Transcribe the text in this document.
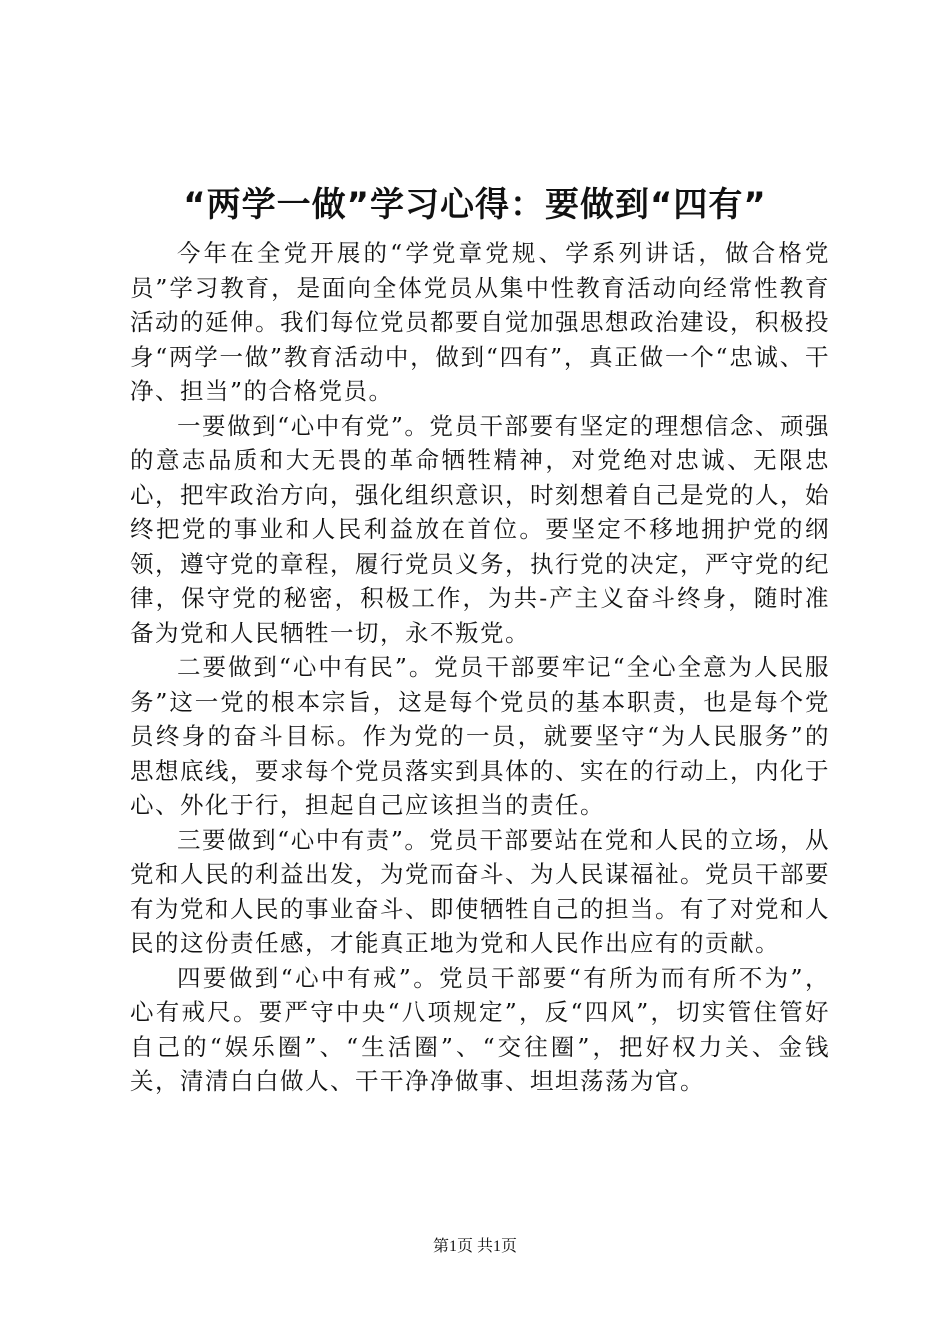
“两学一做”学习心得：要做到“四有”

今年在全党开展的“学党章党规、学系列讲话，做合格党员”学习教育，是面向全体党员从集中性教育活动向经常性教育活动的延伸。我们每位党员都要自觉加强思想政治建设，积极投身“两学一做”教育活动中，做到“四有”，真正做一个“忠诚、干净、担当”的合格党员。

一要做到“心中有党”。党员干部要有坚定的理想信念、顽强的意志品质和大无畏的革命牺牲精神，对党绝对忠诚、无限忠心，把牢政治方向，强化组织意识，时刻想着自己是党的人，始终把党的事业和人民利益放在首位。要坚定不移地拥护党的纲领，遵守党的章程，履行党员义务，执行党的决定，严守党的纪律，保守党的秘密，积极工作，为共-产主义奋斗终身，随时准备为党和人民牺牲一切，永不叛党。

二要做到“心中有民”。党员干部要牢记“全心全意为人民服务”这一党的根本宗旨，这是每个党员的基本职责，也是每个党员终身的奋斗目标。作为党的一员，就要坚守“为人民服务”的思想底线，要求每个党员落实到具体的、实在的行动上，内化于心、外化于行，担起自己应该担当的责任。

三要做到“心中有责”。党员干部要站在党和人民的立场，从党和人民的利益出发，为党而奋斗、为人民谋福祉。党员干部要有为党和人民的事业奋斗、即使牺牲自己的担当。有了对党和人民的这份责任感，才能真正地为党和人民作出应有的贡献。

四要做到“心中有戒”。党员干部要“有所为而有所不为”，心有戒尺。要严守中央“八项规定”，反“四风”，切实管住管好自己的“娱乐圈”、“生活圈”、“交往圈”，把好权力关、金钱关，清清白白做人、干干净净做事、坦坦荡荡为官。

第1页 共1页
